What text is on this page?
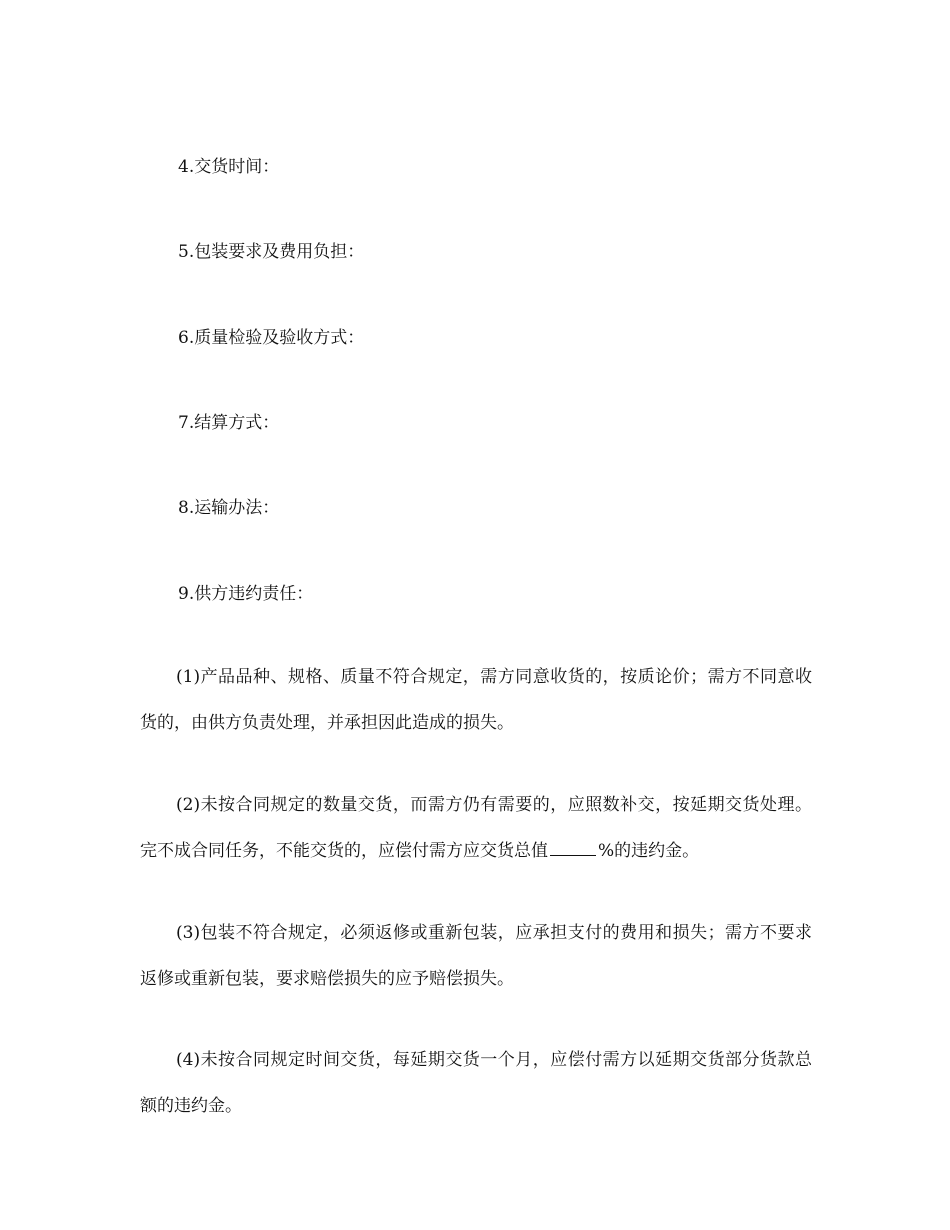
4.交货时间：
5.包装要求及费用负担：
6.质量检验及验收方式：
7.结算方式：
8.运输办法：
9.供方违约责任：
(1)产品品种、规格、质量不符合规定，需方同意收货的，按质论价；需方不同意收货的，由供方负责处理，并承担因此造成的损失。
(2)未按合同规定的数量交货，而需方仍有需要的，应照数补交，按延期交货处理。完不成合同任务，不能交货的，应偿付需方应交货总值	%的违约金。
(3)包装不符合规定，必须返修或重新包装，应承担支付的费用和损失；需方不要求返修或重新包装，要求赔偿损失的应予赔偿损失。
(4)未按合同规定时间交货，每延期交货一个月，应偿付需方以延期交货部分货款总额的违约金。
